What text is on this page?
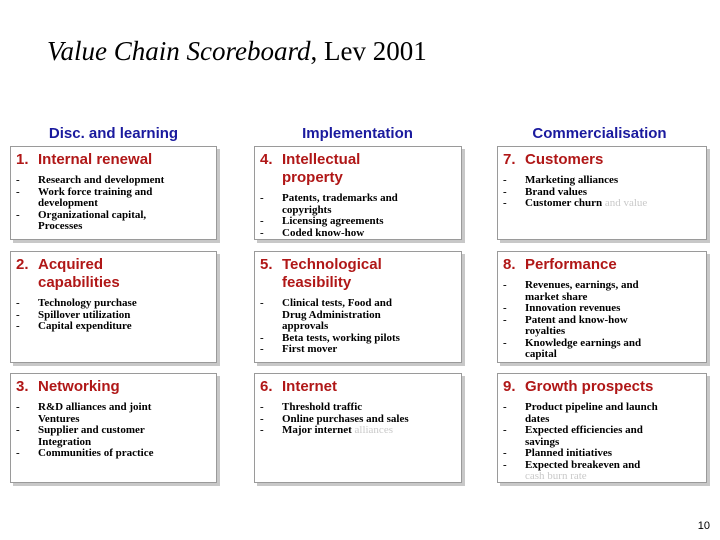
Value Chain Scoreboard, Lev 2001
Disc. and learning	Implementation	Commercialisation
1. Internal renewal
-	Research and development
-	Work force training and
development
-	Organizational capital,
Processes
4. Intellectual
property
-	Patents, trademarks and
copyrights
-	Licensing agreements
-	Coded know-how
7. Customers
-	Marketing alliances
-	Brand values
-	Customer churn and value
2. Acquired
capabilities
-	Technology purchase
-	Spillover utilization
-	Capital expenditure
5. Technological
feasibility
-	Clinical tests, Food and
Drug Administration
approvals
-	Beta tests, working pilots
-	First mover
8. Performance
-	Revenues, earnings, and
market share
-	Innovation revenues
-	Patent and know-how
royalties
-	Knowledge earnings and
capital
3. Networking
-	R&D alliances and joint
Ventures
-	Supplier and customer
Integration
-	Communities of practice
6. Internet
-	Threshold traffic
-	Online purchases and sales
-	Major internet alliances
9. Growth prospects
-	Product pipeline and launch
dates
-	Expected efficiencies and
savings
-	Planned initiatives
-	Expected breakeven and
cash burn rate
10
